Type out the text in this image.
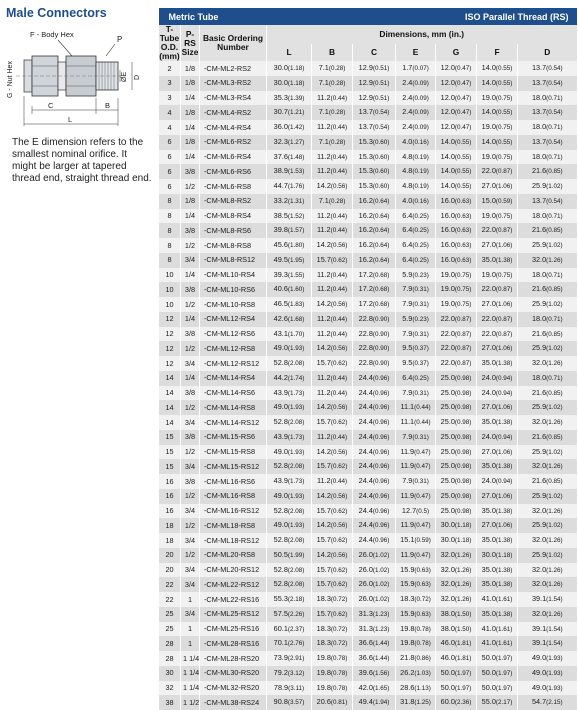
Male Connectors
F - Body Hex
P
G - Nut Hex	ØE D
C	B
L

The E dimension refers to the smallest nominal orifice. It might be larger at tapered thread end, straight thread end.

Metric Tube						ISO Parallel Thread (RS)			
T-Tube O.D. (mm)	P-RS Size	Basic Ordering Number	Dimensions, mm (in.)						
			L	B	C	E	G	F	D
2	1/8	-CM-ML2-RS2	30.0(1.18)	7.1(0.28)	12.9(0.51)	1.7(0.07)	12.0(0.47)	14.0(0.55)	13.7(0.54)
3	1/8	-CM-ML3-RS2	30.0(1.18)	7.1(0.28)	12.9(0.51)	2.4(0.09)	12.0(0.47)	14.0(0.55)	13.7(0.54)
3	1/4	-CM-ML3-RS4	35.3(1.39)	11.2(0.44)	12.9(0.51)	2.4(0.09)	12.0(0.47)	19.0(0.75)	18.0(0.71)
4	1/8	-CM-ML4-RS2	30.7(1.21)	7.1(0.28)	13.7(0.54)	2.4(0.09)	12.0(0.47)	14.0(0.55)	13.7(0.54)
4	1/4	-CM-ML4-RS4	36.0(1.42)	11.2(0.44)	13.7(0.54)	2.4(0.09)	12.0(0.47)	19.0(0.75)	18.0(0.71)
6	1/8	-CM-ML6-RS2	32.3(1.27)	7.1(0.28)	15.3(0.60)	4.0(0.16)	14.0(0.55)	14.0(0.55)	13.7(0.54)
6	1/4	-CM-ML6-RS4	37.6(1.48)	11.2(0.44)	15.3(0.60)	4.8(0.19)	14.0(0.55)	19.0(0.75)	18.0(0.71)
6	3/8	-CM-ML6-RS6	38.9(1.53)	11.2(0.44)	15.3(0.60)	4.8(0.19)	14.0(0.55)	22.0(0.87)	21.6(0.85)
6	1/2	-CM-ML6-RS8	44.7(1.76)	14.2(0.56)	15.3(0.60)	4.8(0.19)	14.0(0.55)	27.0(1.06)	25.9(1.02)
8	1/8	-CM-ML8-RS2	33.2(1.31)	7.1(0.28)	16.2(0.64)	4.0(0.16)	16.0(0.63)	15.0(0.59)	13.7(0.54)
8	1/4	-CM-ML8-RS4	38.5(1.52)	11.2(0.44)	16.2(0.64)	6.4(0.25)	16.0(0.63)	19.0(0.75)	18.0(0.71)
8	3/8	-CM-ML8-RS6	39.8(1.57)	11.2(0.44)	16.2(0.64)	6.4(0.25)	16.0(0.63)	22.0(0.87)	21.6(0.85)
8	1/2	-CM-ML8-RS8	45.6(1.80)	14.2(0.56)	16.2(0.64)	6.4(0.25)	16.0(0.63)	27.0(1.06)	25.9(1.02)
8	3/4	-CM-ML8-RS12	49.5(1.95)	15.7(0.62)	16.2(0.64)	6.4(0.25)	16.0(0.63)	35.0(1.38)	32.0(1.26)
10	1/4	-CM-ML10-RS4	39.3(1.55)	11.2(0.44)	17.2(0.68)	5.9(0.23)	19.0(0.75)	19.0(0.75)	18.0(0.71)
10	3/8	-CM-ML10-RS6	40.6(1.60)	11.2(0.44)	17.2(0.68)	7.9(0.31)	19.0(0.75)	22.0(0.87)	21.6(0.85)
10	1/2	-CM-ML10-RS8	46.5(1.83)	14.2(0.56)	17.2(0.68)	7.9(0.31)	19.0(0.75)	27.0(1.06)	25.9(1.02)
12	1/4	-CM-ML12-RS4	42.6(1.68)	11.2(0.44)	22.8(0.90)	5.9(0.23)	22.0(0.87)	22.0(0.87)	18.0(0.71)
12	3/8	-CM-ML12-RS6	43.1(1.70)	11.2(0.44)	22.8(0.90)	7.9(0.31)	22.0(0.87)	22.0(0.87)	21.6(0.85)
12	1/2	-CM-ML12-RS8	49.0(1.93)	14.2(0.56)	22.8(0.90)	9.5(0.37)	22.0(0.87)	27.0(1.06)	25.9(1.02)
12	3/4	-CM-ML12-RS12	52.8(2.08)	15.7(0.62)	22.8(0.90)	9.5(0.37)	22.0(0.87)	35.0(1.38)	32.0(1.26)
14	1/4	-CM-ML14-RS4	44.2(1.74)	11.2(0.44)	24.4(0.96)	6.4(0.25)	25.0(0.98)	24.0(0.94)	18.0(0.71)
14	3/8	-CM-ML14-RS6	43.9(1.73)	11.2(0.44)	24.4(0.96)	7.9(0.31)	25.0(0.98)	24.0(0.94)	21.6(0.85)
14	1/2	-CM-ML14-RS8	49.0(1.93)	14.2(0.56)	24.4(0.96)	11.1(0.44)	25.0(0.98)	27.0(1.06)	25.9(1.02)
14	3/4	-CM-ML14-RS12	52.8(2.08)	15.7(0.62)	24.4(0.96)	11.1(0.44)	25.0(0.98)	35.0(1.38)	32.0(1.26)
15	3/8	-CM-ML15-RS6	43.9(1.73)	11.2(0.44)	24.4(0.96)	7.9(0.31)	25.0(0.98)	24.0(0.94)	21.6(0.85)
15	1/2	-CM-ML15-RS8	49.0(1.93)	14.2(0.56)	24.4(0.96)	11.9(0.47)	25.0(0.98)	27.0(1.06)	25.9(1.02)
15	3/4	-CM-ML15-RS12	52.8(2.08)	15.7(0.62)	24.4(0.96)	11.9(0.47)	25.0(0.98)	35.0(1.38)	32.0(1.26)
16	3/8	-CM-ML16-RS6	43.9(1.73)	11.2(0.44)	24.4(0.96)	7.9(0.31)	25.0(0.98)	24.0(0.94)	21.6(0.85)
16	1/2	-CM-ML16-RS8	49.0(1.93)	14.2(0.56)	24.4(0.96)	11.9(0.47)	25.0(0.98)	27.0(1.06)	25.9(1.02)
16	3/4	-CM-ML16-RS12	52.8(2.08)	15.7(0.62)	24.4(0.96)	12.7(0.5)	25.0(0.98)	35.0(1.38)	32.0(1.26)
18	1/2	-CM-ML18-RS8	49.0(1.93)	14.2(0.56)	24.4(0.96)	11.9(0.47)	30.0(1.18)	27.0(1.06)	25.9(1.02)
18	3/4	-CM-ML18-RS12	52.8(2.08)	15.7(0.62)	24.4(0.96)	15.1(0.59)	30.0(1.18)	35.0(1.38)	32.0(1.26)
20	1/2	-CM-ML20-RS8	50.5(1.99)	14.2(0.56)	26.0(1.02)	11.9(0.47)	32.0(1.26)	30.0(1.18)	25.9(1.02)
20	3/4	-CM-ML20-RS12	52.8(2.08)	15.7(0.62)	26.0(1.02)	15.9(0.63)	32.0(1.26)	35.0(1.38)	32.0(1.26)
22	3/4	-CM-ML22-RS12	52.8(2.08)	15.7(0.62)	26.0(1.02)	15.9(0.63)	32.0(1.26)	35.0(1.38)	32.0(1.26)
22	1	-CM-ML22-RS16	55.3(2.18)	18.3(0.72)	26.0(1.02)	18.3(0.72)	32.0(1.26)	41.0(1.61)	39.1(1.54)
25	3/4	-CM-ML25-RS12	57.5(2.26)	15.7(0.62)	31.3(1.23)	15.9(0.63)	38.0(1.50)	35.0(1.38)	32.0(1.26)
25	1	-CM-ML25-RS16	60.1(2.37)	18.3(0.72)	31.3(1.23)	19.8(0.78)	38.0(1.50)	41.0(1.61)	39.1(1.54)
28	1	-CM-ML28-RS16	70.1(2.76)	18.3(0.72)	36.6(1.44)	19.8(0.78)	46.0(1.81)	41.0(1.61)	39.1(1.54)
28	1 1/4	-CM-ML28-RS20	73.9(2.91)	19.8(0.78)	36.6(1.44)	21.8(0.86)	46.0(1.81)	50.0(1.97)	49.0(1.93)
30	1 1/4	-CM-ML30-RS20	79.2(3.12)	19.8(0.78)	39.6(1.56)	26.2(1.03)	50.0(1.97)	50.0(1.97)	49.0(1.93)
32	1 1/4	-CM-ML32-RS20	78.9(3.11)	19.8(0.78)	42.0(1.65)	28.6(1.13)	50.0(1.97)	50.0(1.97)	49.0(1.93)
38	1 1/2	-CM-ML38-RS24	90.8(3.57)	20.6(0.81)	49.4(1.94)	31.8(1.25)	60.0(2.36)	55.0(2.17)	54.7(2.15)
